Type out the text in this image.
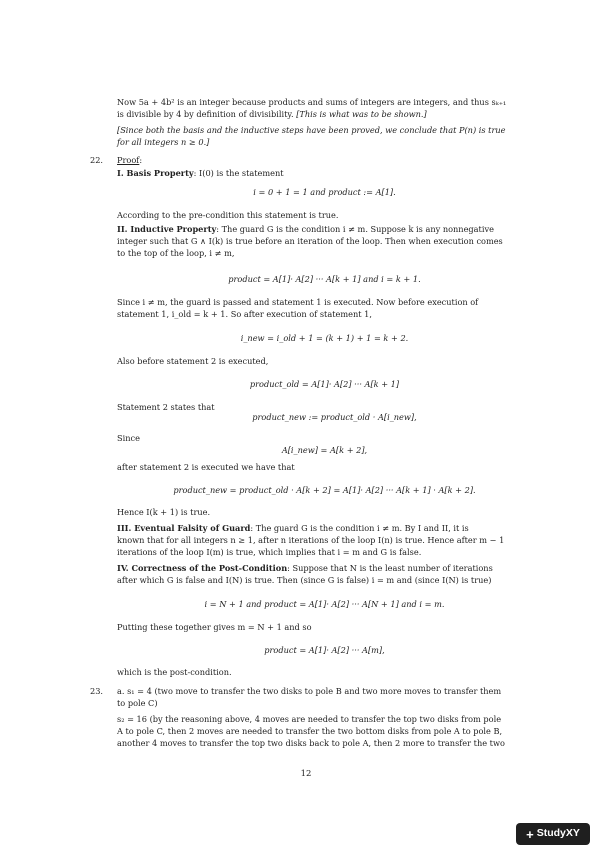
Now 5a + 4b² is an integer because products and sums of integers are integers, and thus sₖ₊₁
is divisible by 4 by definition of divisibility. [This is what was to be shown.]
[Since both the basis and the inductive steps have been proved, we conclude that P(n) is true
for all integers n ≥ 0.]
22. Proof:
I. Basis Property: I(0) is the statement
i = 0 + 1 = 1 and product := A[1].
According to the pre-condition this statement is true.
II. Inductive Property: The guard G is the condition i ≠ m. Suppose k is any nonnegative
integer such that G ∧ I(k) is true before an iteration of the loop. Then when execution comes
to the top of the loop, i ≠ m,
product = A[1]· A[2] ··· A[k + 1] and i = k + 1.
Since i ≠ m, the guard is passed and statement 1 is executed. Now before execution of
statement 1, i_old = k + 1. So after execution of statement 1,
i_new = i_old + 1 = (k + 1) + 1 = k + 2.
Also before statement 2 is executed,
product_old = A[1]· A[2] ··· A[k + 1]
Statement 2 states that
product_new := product_old · A[i_new],
Since
A[i_new] = A[k + 2],
after statement 2 is executed we have that
product_new = product_old · A[k + 2] = A[1]· A[2] ··· A[k + 1] · A[k + 2].
Hence I(k + 1) is true.
III. Eventual Falsity of Guard: The guard G is the condition i ≠ m. By I and II, it is
known that for all integers n ≥ 1, after n iterations of the loop I(n) is true. Hence after m − 1
iterations of the loop I(m) is true, which implies that i = m and G is false.
IV. Correctness of the Post-Condition: Suppose that N is the least number of iterations
after which G is false and I(N) is true. Then (since G is false) i = m and (since I(N) is true)
i = N + 1 and product = A[1]· A[2] ··· A[N + 1] and i = m.
Putting these together gives m = N + 1 and so
product = A[1]· A[2] ··· A[m],
which is the post-condition.
23. a. s₁ = 4 (two move to transfer the two disks to pole B and two more moves to transfer them
to pole C)
s₂ = 16 (by the reasoning above, 4 moves are needed to transfer the top two disks from pole
A to pole C, then 2 moves are needed to transfer the two bottom disks from pole A to pole B,
another 4 moves to transfer the top two disks back to pole A, then 2 more to transfer the two
12
+ StudyXY
